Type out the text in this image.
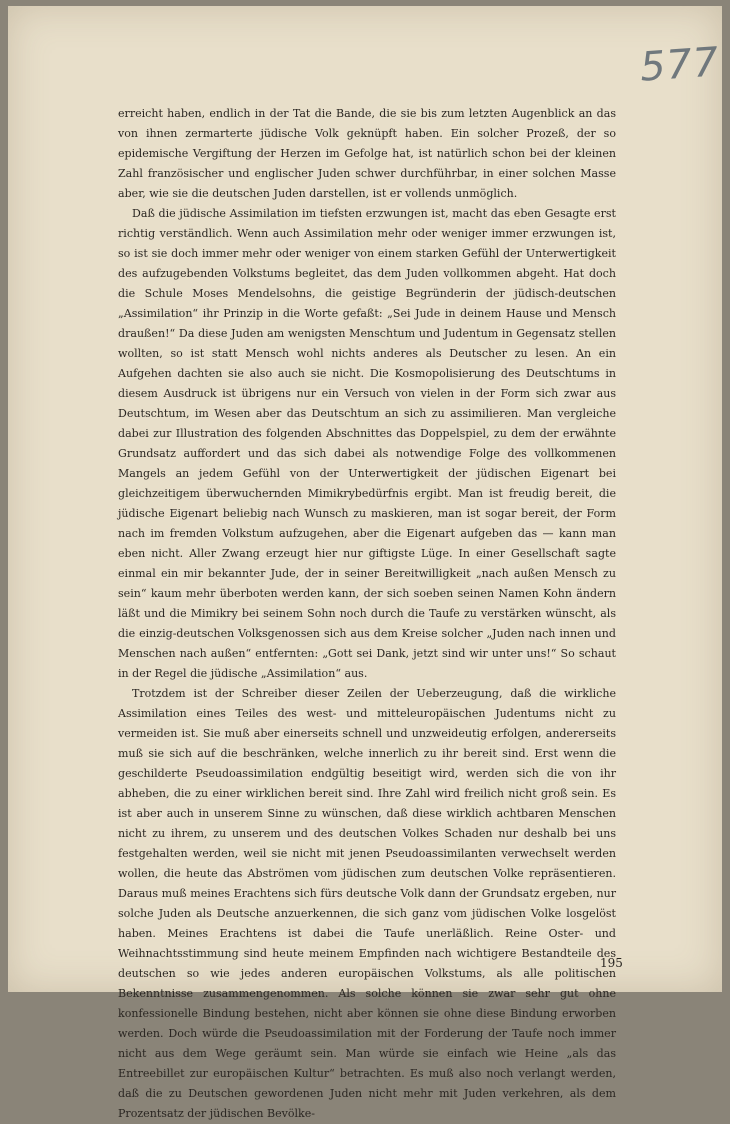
577

erreicht haben, endlich in der Tat die Bande, die sie bis zum letzten Augenblick an das von ihnen zermarterte jüdische Volk geknüpft haben. Ein solcher Prozeß, der so epidemische Vergiftung der Herzen im Gefolge hat, ist natürlich schon bei der kleinen Zahl französischer und englischer Juden schwer durchführbar, in einer solchen Masse aber, wie sie die deutschen Juden darstellen, ist er vollends unmöglich.

Daß die jüdische Assimilation im tiefsten erzwungen ist, macht das eben Gesagte erst richtig verständlich. Wenn auch Assimilation mehr oder weniger immer erzwungen ist, so ist sie doch immer mehr oder weniger von einem starken Gefühl der Unterwertigkeit des aufzugebenden Volkstums begleitet, das dem Juden vollkommen abgeht. Hat doch die Schule Moses Mendelsohns, die geistige Begründerin der jüdisch-deutschen „Assimilation“ ihr Prinzip in die Worte gefaßt: „Sei Jude in deinem Hause und Mensch draußen!“ Da diese Juden am wenigsten Menschtum und Judentum in Gegensatz stellen wollten, so ist statt Mensch wohl nichts anderes als Deutscher zu lesen. An ein Aufgehen dachten sie also auch sie nicht. Die Kosmopolisierung des Deutschtums in diesem Ausdruck ist übrigens nur ein Versuch von vielen in der Form sich zwar aus Deutschtum, im Wesen aber das Deutschtum an sich zu assimilieren. Man vergleiche dabei zur Illustration des folgenden Abschnittes das Doppelspiel, zu dem der erwähnte Grundsatz auffordert und das sich dabei als notwendige Folge des vollkommenen Mangels an jedem Gefühl von der Unterwertigkeit der jüdischen Eigenart bei gleichzeitigem überwuchernden Mimikrybedürfnis ergibt. Man ist freudig bereit, die jüdische Eigenart beliebig nach Wunsch zu maskieren, man ist sogar bereit, der Form nach im fremden Volkstum aufzugehen, aber die Eigenart aufgeben das — kann man eben nicht. Aller Zwang erzeugt hier nur giftigste Lüge. In einer Gesellschaft sagte einmal ein mir bekannter Jude, der in seiner Bereitwilligkeit „nach außen Mensch zu sein“ kaum mehr überboten werden kann, der sich soeben seinen Namen Kohn ändern läßt und die Mimikry bei seinem Sohn noch durch die Taufe zu verstärken wünscht, als die einzig-deutschen Volksgenossen sich aus dem Kreise solcher „Juden nach innen und Menschen nach außen“ entfernten: „Gott sei Dank, jetzt sind wir unter uns!“ So schaut in der Regel die jüdische „Assimilation“ aus.

Trotzdem ist der Schreiber dieser Zeilen der Ueberzeugung, daß die wirkliche Assimilation eines Teiles des west- und mitteleuropäischen Judentums nicht zu vermeiden ist. Sie muß aber einerseits schnell und unzweideutig erfolgen, andererseits muß sie sich auf die beschränken, welche innerlich zu ihr bereit sind. Erst wenn die geschilderte Pseudoassimilation endgültig beseitigt wird, werden sich die von ihr abheben, die zu einer wirklichen bereit sind. Ihre Zahl wird freilich nicht groß sein. Es ist aber auch in unserem Sinne zu wünschen, daß diese wirklich achtbaren Menschen nicht zu ihrem, zu unserem und des deutschen Volkes Schaden nur deshalb bei uns festgehalten werden, weil sie nicht mit jenen Pseudoassimilanten verwechselt werden wollen, die heute das Abströmen vom jüdischen zum deutschen Volke repräsentieren. Daraus muß meines Erachtens sich fürs deutsche Volk dann der Grundsatz ergeben, nur solche Juden als Deutsche anzuerkennen, die sich ganz vom jüdischen Volke losgelöst haben. Meines Erachtens ist dabei die Taufe unerläßlich. Reine Oster- und Weihnachtsstimmung sind heute meinem Empfinden nach wichtigere Bestandteile des deutschen so wie jedes anderen europäischen Volkstums, als alle politischen Bekenntnisse zusammengenommen. Als solche können sie zwar sehr gut ohne konfessionelle Bindung bestehen, nicht aber können sie ohne diese Bindung erworben werden. Doch würde die Pseudoassimilation mit der Forderung der Taufe noch immer nicht aus dem Wege geräumt sein. Man würde sie einfach wie Heine „als das Entreebillet zur europäischen Kultur“ betrachten. Es muß also noch verlangt werden, daß die zu Deutschen gewordenen Juden nicht mehr mit Juden verkehren, als dem Prozentsatz der jüdischen Bevölke-

195
